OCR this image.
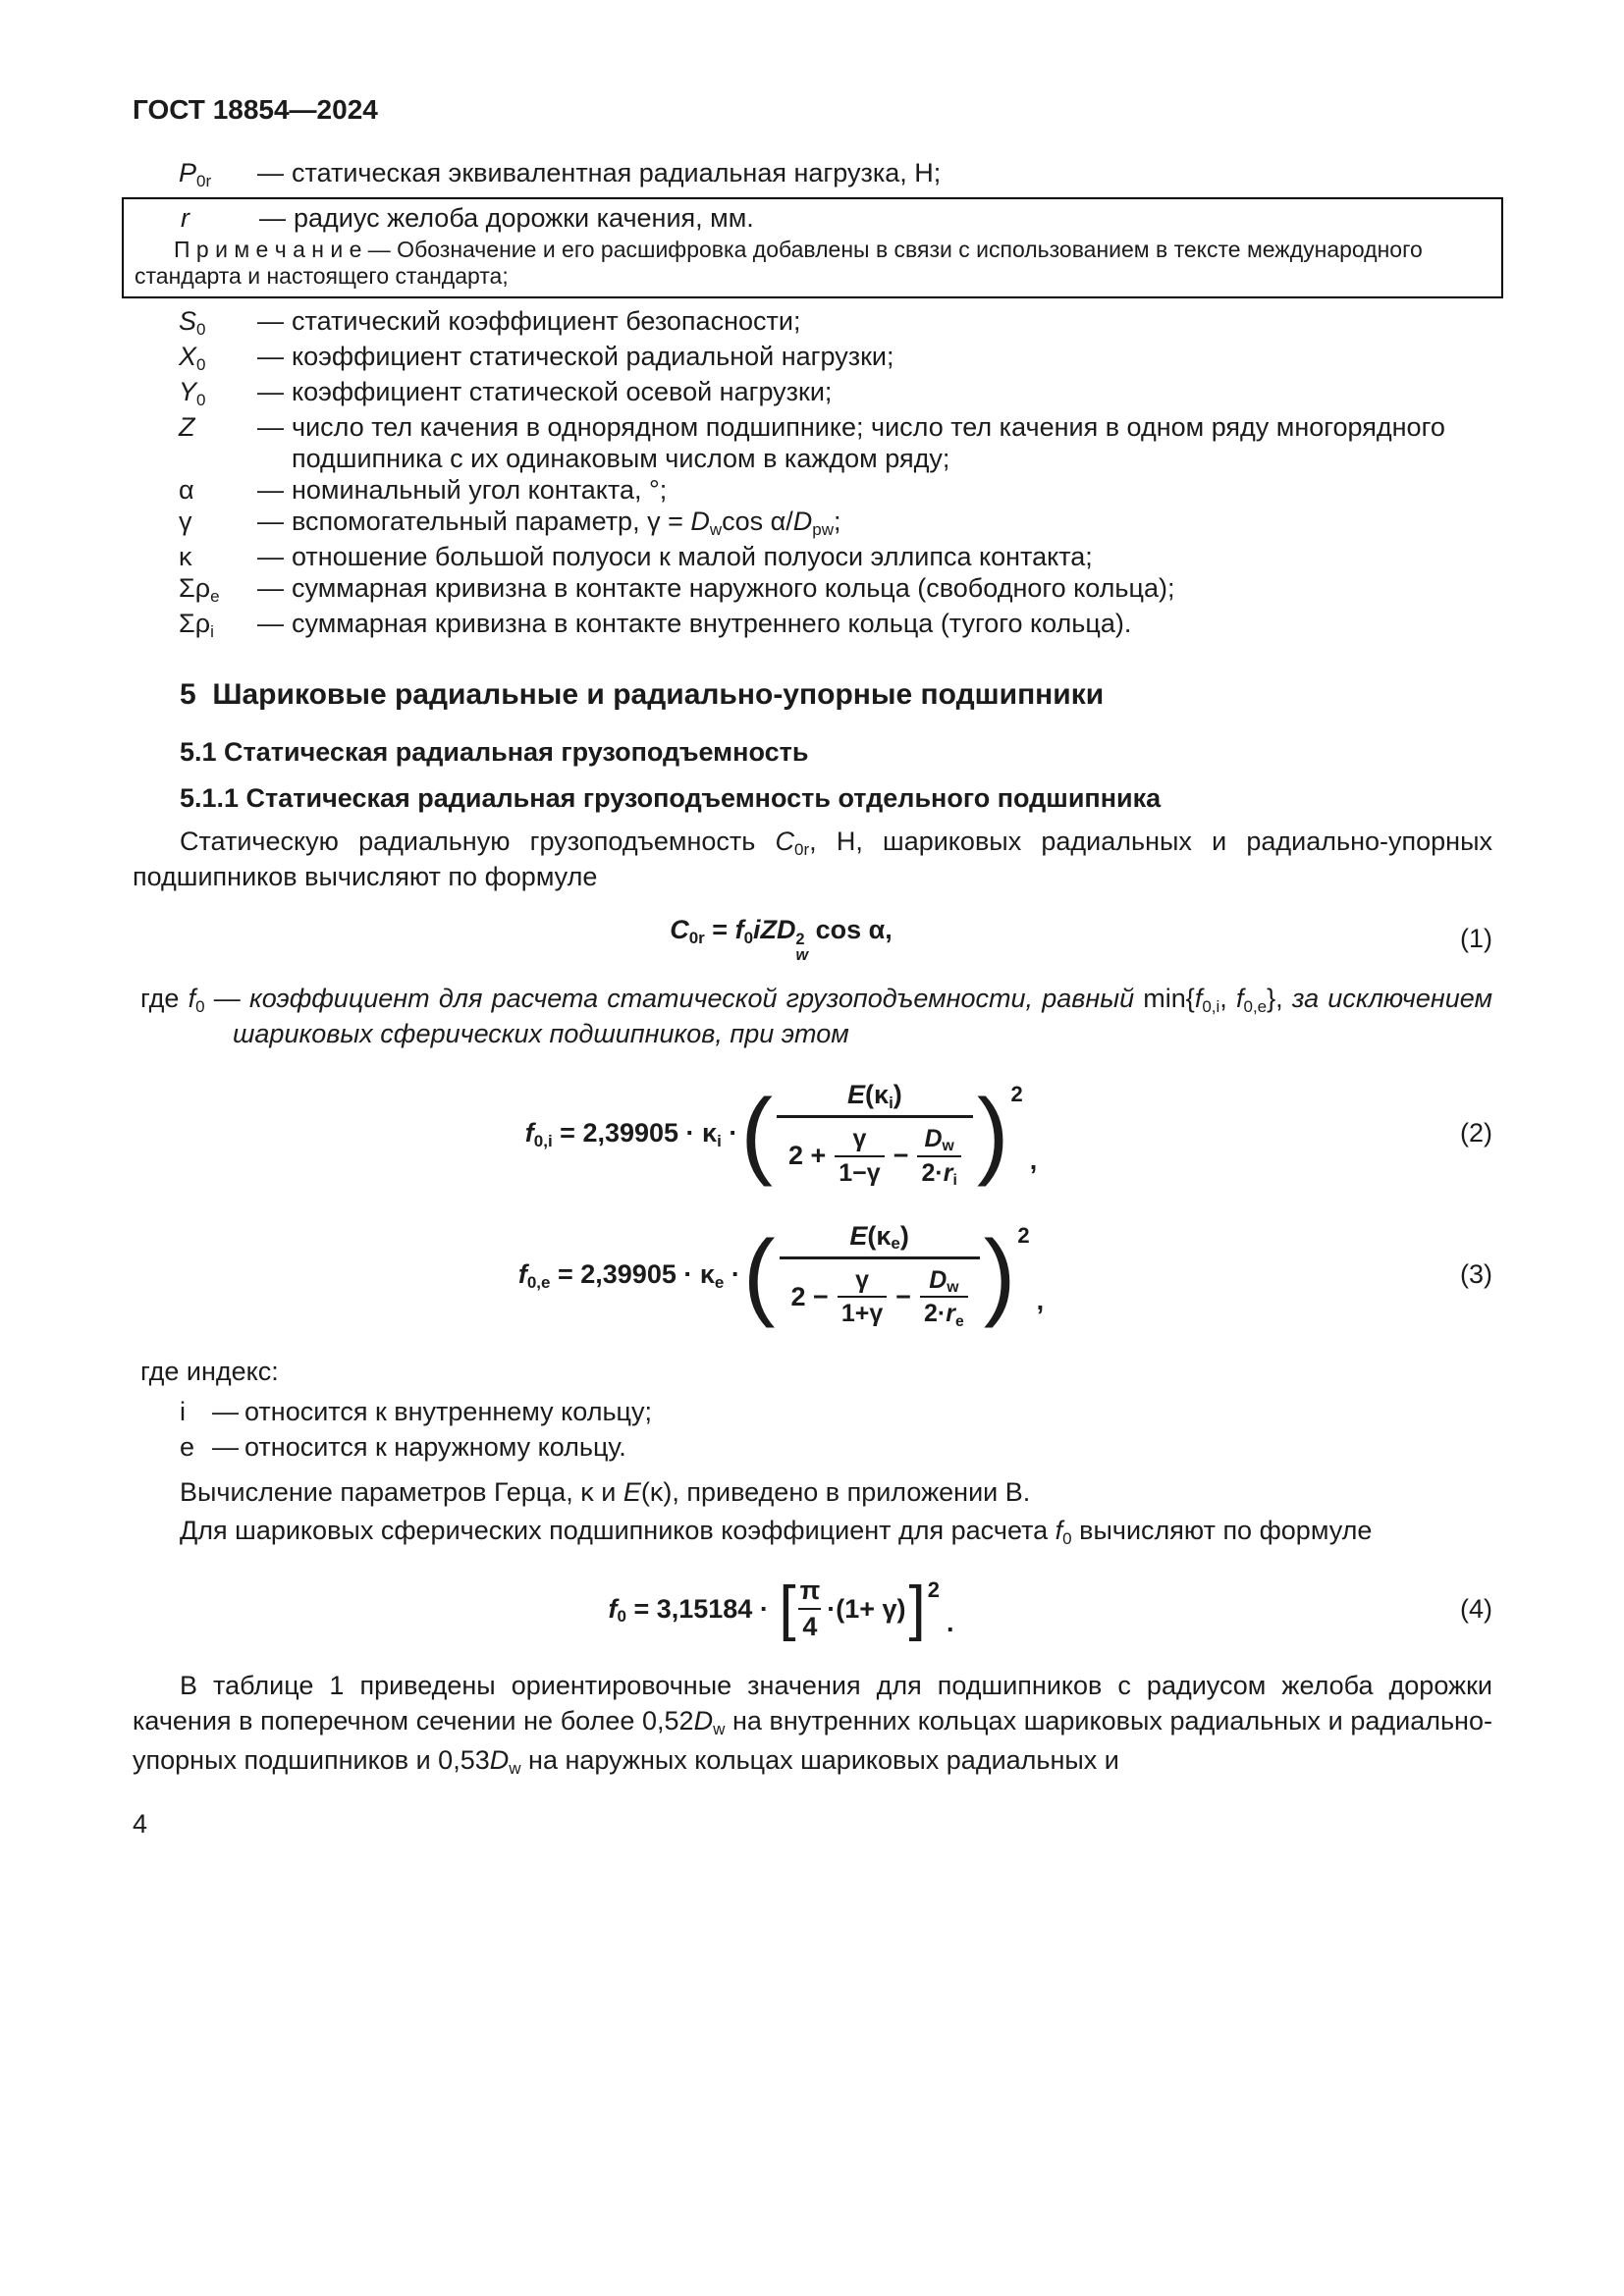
ГОСТ 18854—2024
P0r	— статическая эквивалентная радиальная нагрузка, Н;
r	— радиус желоба дорожки качения, мм.
П р и м е ч а н и е — Обозначение и его расшифровка добавлены в связи с использованием в тексте международного стандарта и настоящего стандарта;
S0	— статический коэффициент безопасности;
X0	— коэффициент статической радиальной нагрузки;
Y0	— коэффициент статической осевой нагрузки;
Z	— число тел качения в однорядном подшипнике; число тел качения в одном ряду многорядного подшипника с их одинаковым числом в каждом ряду;
α	— номинальный угол контакта, °;
γ	— вспомогательный параметр, γ = Dwcos α/Dpw;
κ	— отношение большой полуоси к малой полуоси эллипса контакта;
Σρe	— суммарная кривизна в контакте наружного кольца (свободного кольца);
Σρi	— суммарная кривизна в контакте внутреннего кольца (тугого кольца).
5  Шариковые радиальные и радиально-упорные подшипники
5.1 Статическая радиальная грузоподъемность
5.1.1 Статическая радиальная грузоподъемность отдельного подшипника

Статическую радиальную грузоподъемность C0r, Н, шариковых радиальных и радиально-упорных подшипников вычисляют по формуле

C0r = f0iZD 2
w
cos α,	(1)

где f0 — коэффициент для расчета статической грузоподъемности, равный min{f0,i, f0,e}, за исключением шариковых сферических подшипников, при этом

f0,i = 2,39905 · κi · (	E(κi)
$2 + \frac{\gamma}{1-\gamma} - \frac{Dw}{2\cdot ri}$ ) 2
,
(2)
f0,е = 2,39905 · κе · (	E(κе)
$2 - \frac{\gamma}{1+\gamma}$ −
Dw
2·rе ) 2
,
(3)

где индекс:

i	— относится к внутреннему кольцу;
е — относится к наружному кольцу.

Вычисление параметров Герца, κ и E(κ), приведено в приложении В.

Для шариковых сферических подшипников коэффициент для расчета f0 вычисляют по формуле

f0 = 3,15184 · [ π
4
·(1+ γ) ] 2
.	(4)

В таблице 1 приведены ориентировочные значения для подшипников с радиусом желоба дорожки качения в поперечном сечении не более 0,52Dw на внутренних кольцах шариковых радиальных и радиально-упорных подшипников и 0,53Dw на наружных кольцах шариковых радиальных и

4
